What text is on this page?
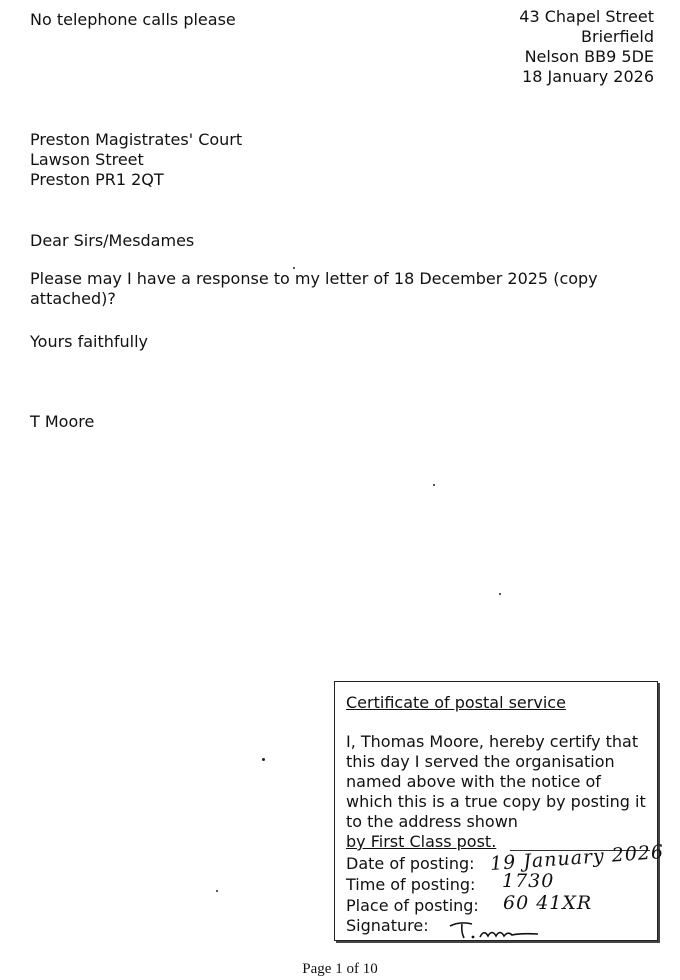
No telephone calls please	43 Chapel Street
Brierfield
Nelson BB9 5DE
18 January 2026
Preston Magistrates' Court
Lawson Street
Preston PR1 2QT
Dear Sirs/Mesdames
Please may I have a response to my letter of 18 December 2025 (copy attached)?
Yours faithfully
T Moore
Certificate of postal service
I, Thomas Moore, hereby certify that this day I served the organisation named above with the notice of which this is a true copy by posting it to the address shown
by First Class post.
Date of posting:
Time of posting:
Place of posting:
Signature:
19 January 2026
1730
60 41XR
Page 1 of 10
